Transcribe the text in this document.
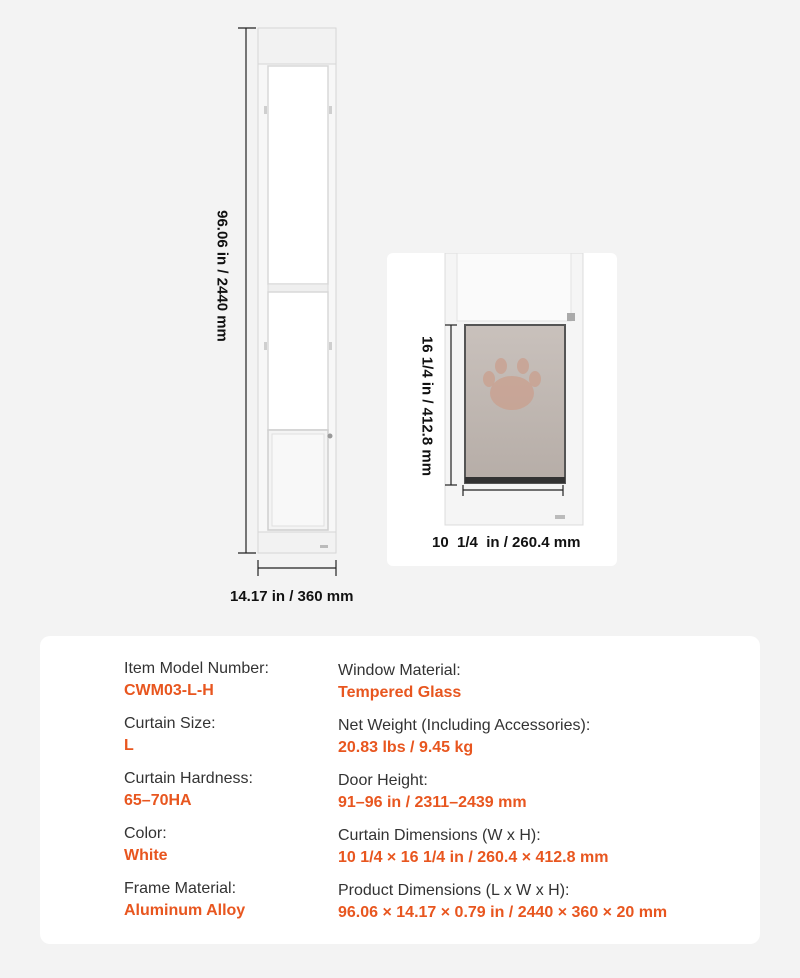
96.06 in / 2440 mm
14.17 in / 360 mm
16 1/4 in / 412.8 mm
10  1/4  in / 260.4 mm
Item Model Number:
CWM03-L-H
Curtain Size:
L
Curtain Hardness:
65–70HA
Color:
White
Frame Material:
Aluminum Alloy
Window Material:
Tempered Glass
Net Weight (Including Accessories):
20.83 lbs / 9.45 kg
Door Height:
91–96 in / 2311–2439 mm
Curtain Dimensions (W x H):
10 1/4 × 16 1/4 in / 260.4 × 412.8 mm
Product Dimensions (L x W x H):
96.06 × 14.17 × 0.79 in / 2440 × 360 × 20 mm
